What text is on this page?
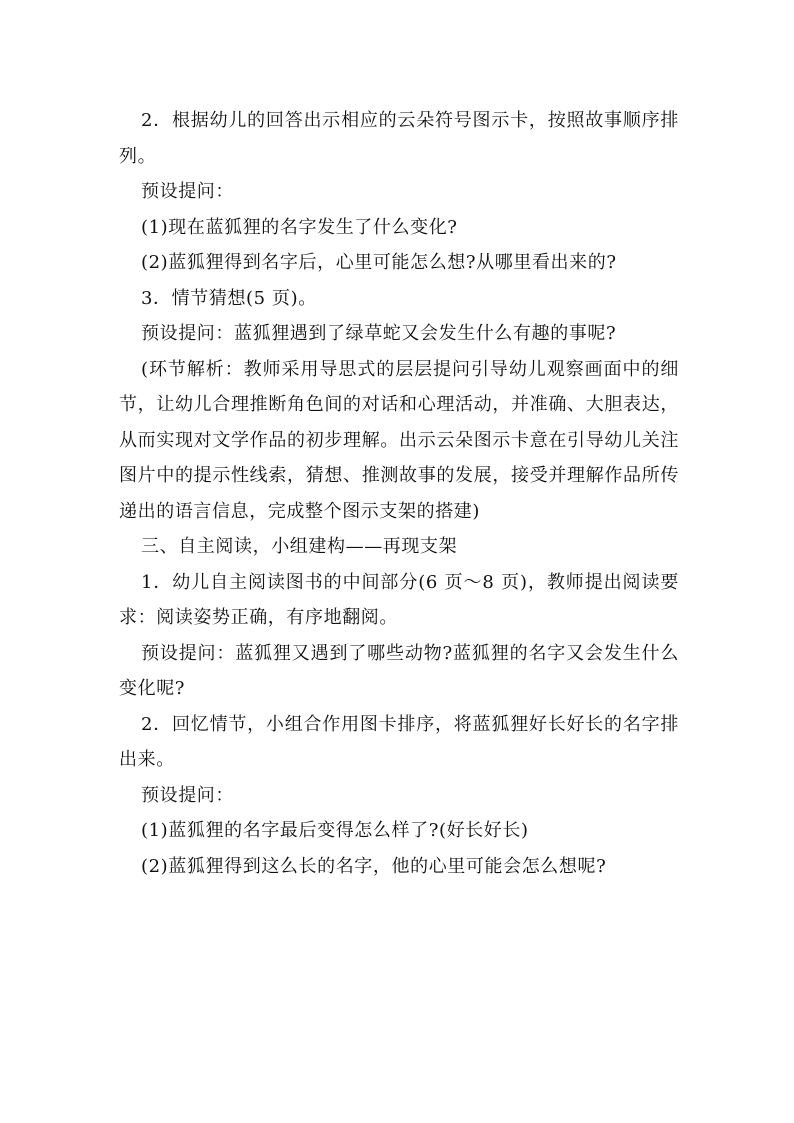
2．根据幼儿的回答出示相应的云朵符号图示卡，按照故事顺序排列。

预设提问：

(1)现在蓝狐狸的名字发生了什么变化?

(2)蓝狐狸得到名字后，心里可能怎么想?从哪里看出来的?

3．情节猜想(5 页)。

预设提问：蓝狐狸遇到了绿草蛇又会发生什么有趣的事呢?

(环节解析：教师采用导思式的层层提问引导幼儿观察画面中的细节，让幼儿合理推断角色间的对话和心理活动，并准确、大胆表达，从而实现对文学作品的初步理解。出示云朵图示卡意在引导幼儿关注图片中的提示性线索，猜想、推测故事的发展，接受并理解作品所传递出的语言信息，完成整个图示支架的搭建)

三、自主阅读，小组建构——再现支架

1．幼儿自主阅读图书的中间部分(6 页～8 页)，教师提出阅读要求：阅读姿势正确，有序地翻阅。

预设提问：蓝狐狸又遇到了哪些动物?蓝狐狸的名字又会发生什么变化呢?

2．回忆情节，小组合作用图卡排序，将蓝狐狸好长好长的名字排出来。

预设提问：

(1)蓝狐狸的名字最后变得怎么样了?(好长好长)

(2)蓝狐狸得到这么长的名字，他的心里可能会怎么想呢?
